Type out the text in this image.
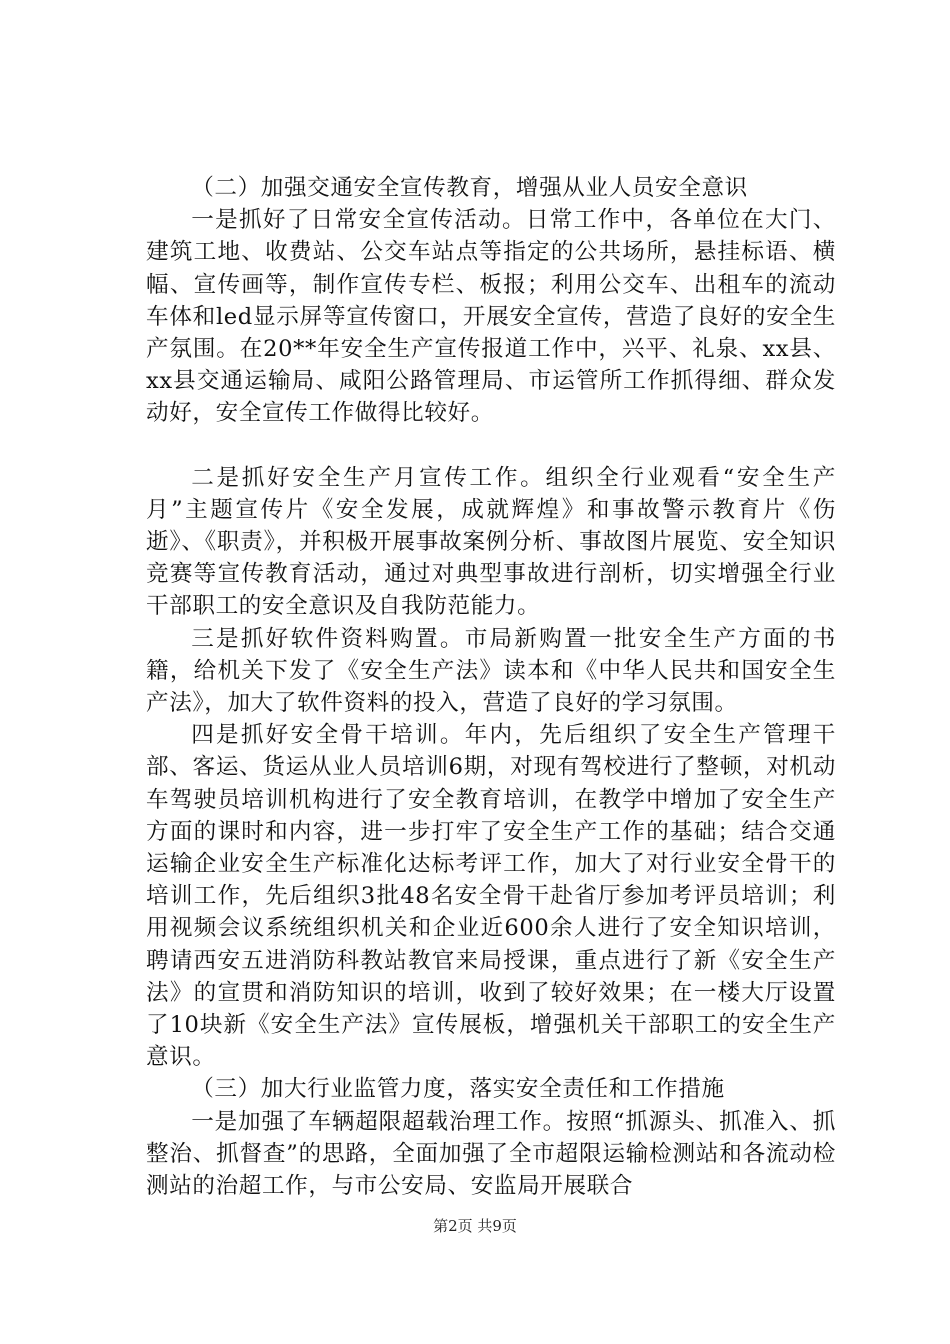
（二）加强交通安全宣传教育，增强从业人员安全意识

一是抓好了日常安全宣传活动。日常工作中，各单位在大门、建筑工地、收费站、公交车站点等指定的公共场所，悬挂标语、横幅、宣传画等，制作宣传专栏、板报；利用公交车、出租车的流动车体和led显示屏等宣传窗口，开展安全宣传，营造了良好的安全生产氛围。在20**年安全生产宣传报道工作中，兴平、礼泉、xx县、xx县交通运输局、咸阳公路管理局、市运管所工作抓得细、群众发动好，安全宣传工作做得比较好。

二是抓好安全生产月宣传工作。组织全行业观看“安全生产月”主题宣传片《安全发展，成就辉煌》和事故警示教育片《伤逝》、《职责》，并积极开展事故案例分析、事故图片展览、安全知识竞赛等宣传教育活动，通过对典型事故进行剖析，切实增强全行业干部职工的安全意识及自我防范能力。

三是抓好软件资料购置。市局新购置一批安全生产方面的书籍，给机关下发了《安全生产法》读本和《中华人民共和国安全生产法》，加大了软件资料的投入，营造了良好的学习氛围。

四是抓好安全骨干培训。年内，先后组织了安全生产管理干部、客运、货运从业人员培训6期，对现有驾校进行了整顿，对机动车驾驶员培训机构进行了安全教育培训，在教学中增加了安全生产方面的课时和内容，进一步打牢了安全生产工作的基础；结合交通运输企业安全生产标准化达标考评工作，加大了对行业安全骨干的培训工作，先后组织3批48名安全骨干赴省厅参加考评员培训；利用视频会议系统组织机关和企业近600余人进行了安全知识培训，聘请西安五进消防科教站教官来局授课，重点进行了新《安全生产法》的宣贯和消防知识的培训，收到了较好效果；在一楼大厅设置了10块新《安全生产法》宣传展板，增强机关干部职工的安全生产意识。

（三）加大行业监管力度，落实安全责任和工作措施

一是加强了车辆超限超载治理工作。按照“抓源头、抓准入、抓整治、抓督查”的思路，全面加强了全市超限运输检测站和各流动检测站的治超工作，与市公安局、安监局开展联合

第2页 共9页
